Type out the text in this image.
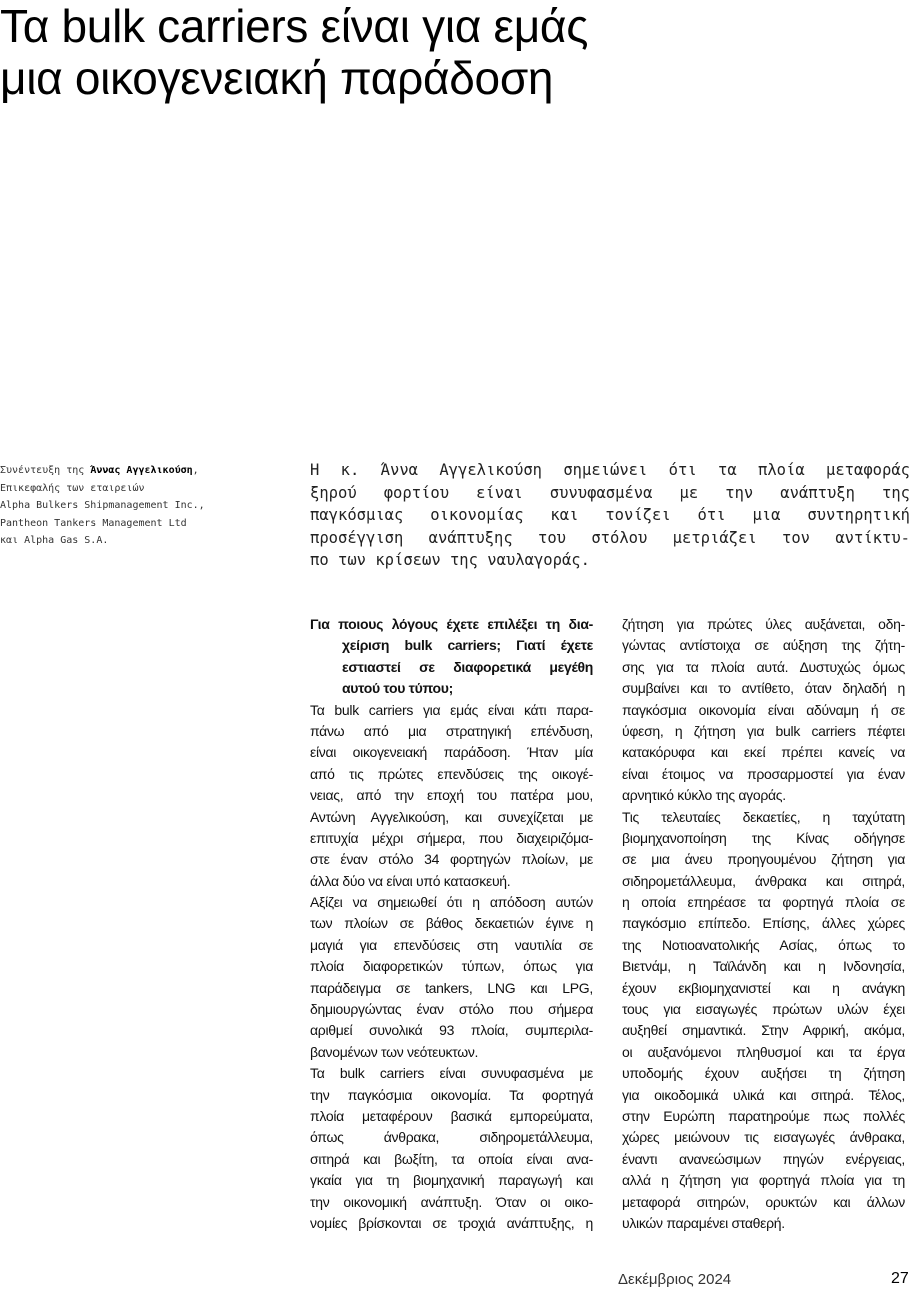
Τα bulk carriers είναι για εμάς
μια οικογενειακή παράδοση
Συνέντευξη της Άννας Αγγελικούση,
Επικεφαλής των εταιρειών
Alpha Bulkers Shipmanagement Inc.,
Pantheon Tankers Management Ltd
και Alpha Gas S.A.
Η κ. Άννα Αγγελικούση σημειώνει ότι τα πλοία μεταφοράς
ξηρού φορτίου είναι συνυφασμένα με την ανάπτυξη της
παγκόσμιας οικονομίας και τονίζει ότι μια συντηρητική
προσέγγιση ανάπτυξης του στόλου μετριάζει τον αντίκτυ-
πο των κρίσεων της ναυλαγοράς.
Για ποιους λόγους έχετε επιλέξει τη δια-
χείριση bulk carriers; Γιατί έχετε
εστιαστεί σε διαφορετικά μεγέθη
αυτού του τύπου;
Τα bulk carriers για εμάς είναι κάτι παρα-
πάνω από μια στρατηγική επένδυση,
είναι οικογενειακή παράδοση. Ήταν μία
από τις πρώτες επενδύσεις της οικογέ-
νειας, από την εποχή του πατέρα μου,
Αντώνη Αγγελικούση, και συνεχίζεται με
επιτυχία μέχρι σήμερα, που διαχειριζόμα-
στε έναν στόλο 34 φορτηγών πλοίων, με
άλλα δύο να είναι υπό κατασκευή.
Αξίζει να σημειωθεί ότι η απόδοση αυτών
των πλοίων σε βάθος δεκαετιών έγινε η
μαγιά για επενδύσεις στη ναυτιλία σε
πλοία διαφορετικών τύπων, όπως για
παράδειγμα σε tankers, LNG και LPG,
δημιουργώντας έναν στόλο που σήμερα
αριθμεί συνολικά 93 πλοία, συμπεριλα-
βανομένων των νεότευκτων.
Τα bulk carriers είναι συνυφασμένα με
την παγκόσμια οικονομία. Τα φορτηγά
πλοία μεταφέρουν βασικά εμπορεύματα,
όπως άνθρακα, σιδηρομετάλλευμα,
σιτηρά και βωξίτη, τα οποία είναι ανα-
γκαία για τη βιομηχανική παραγωγή και
την οικονομική ανάπτυξη. Όταν οι οικο-
νομίες βρίσκονται σε τροχιά ανάπτυξης, η
ζήτηση για πρώτες ύλες αυξάνεται, οδη-
γώντας αντίστοιχα σε αύξηση της ζήτη-
σης για τα πλοία αυτά. Δυστυχώς όμως
συμβαίνει και το αντίθετο, όταν δηλαδή η
παγκόσμια οικονομία είναι αδύναμη ή σε
ύφεση, η ζήτηση για bulk carriers πέφτει
κατακόρυφα και εκεί πρέπει κανείς να
είναι έτοιμος να προσαρμοστεί για έναν
αρνητικό κύκλο της αγοράς.
Τις τελευταίες δεκαετίες, η ταχύτατη
βιομηχανοποίηση της Κίνας οδήγησε
σε μια άνευ προηγουμένου ζήτηση για
σιδηρομετάλλευμα, άνθρακα και σιτηρά,
η οποία επηρέασε τα φορτηγά πλοία σε
παγκόσμιο επίπεδο. Επίσης, άλλες χώρες
της Νοτιοανατολικής Ασίας, όπως το
Βιετνάμ, η Ταϊλάνδη και η Ινδονησία,
έχουν εκβιομηχανιστεί και η ανάγκη
τους για εισαγωγές πρώτων υλών έχει
αυξηθεί σημαντικά. Στην Αφρική, ακόμα,
οι αυξανόμενοι πληθυσμοί και τα έργα
υποδομής έχουν αυξήσει τη ζήτηση
για οικοδομικά υλικά και σιτηρά. Τέλος,
στην Ευρώπη παρατηρούμε πως πολλές
χώρες μειώνουν τις εισαγωγές άνθρακα,
έναντι ανανεώσιμων πηγών ενέργειας,
αλλά η ζήτηση για φορτηγά πλοία για τη
μεταφορά σιτηρών, ορυκτών και άλλων
υλικών παραμένει σταθερή.
Δεκέμβριος 2024	27
